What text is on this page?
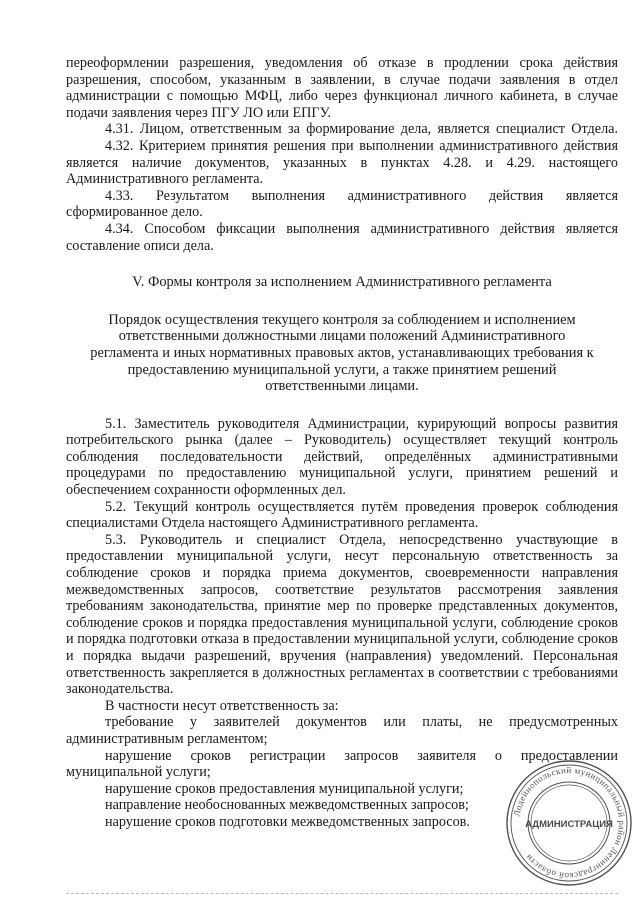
переоформлении разрешения, уведомления об отказе в продлении срока действия разрешения, способом, указанным в заявлении, в случае подачи заявления в отдел администрации с помощью МФЦ, либо через функционал личного кабинета, в случае подачи заявления через ПГУ ЛО или ЕПГУ.

4.31. Лицом, ответственным за формирование дела, является специалист Отдела.

4.32. Критерием принятия решения при выполнении административного действия является наличие документов, указанных в пунктах 4.28. и 4.29. настоящего Административного регламента.

4.33. Результатом выполнения административного действия является сформированное дело.

4.34. Способом фиксации выполнения административного действия является составление описи дела.

V. Формы контроля за исполнением Административного регламента

Порядок осуществления текущего контроля за соблюдением и исполнением ответственными должностными лицами положений Административного регламента и иных нормативных правовых актов, устанавливающих требования к предоставлению муниципальной услуги, а также принятием решений ответственными лицами.

5.1. Заместитель руководителя Администрации, курирующий вопросы развития потребительского рынка (далее – Руководитель) осуществляет текущий контроль соблюдения последовательности действий, определённых административными процедурами по предоставлению муниципальной услуги, принятием решений и обеспечением сохранности оформленных дел.

5.2. Текущий контроль осуществляется путём проведения проверок соблюдения специалистами Отдела настоящего Административного регламента.

5.3. Руководитель и специалист Отдела, непосредственно участвующие в предоставлении муниципальной услуги, несут персональную ответственность за соблюдение сроков и порядка приема документов, своевременности направления межведомственных запросов, соответствие результатов рассмотрения заявления требованиям законодательства, принятие мер по проверке представленных документов, соблюдение сроков и порядка предоставления муниципальной услуги, соблюдение сроков и порядка подготовки отказа в предоставлении муниципальной услуги, соблюдение сроков и порядка выдачи разрешений, вручения (направления) уведомлений. Персональная ответственность закрепляется в должностных регламентах в соответствии с требованиями законодательства.

В частности несут ответственность за:

требование у заявителей документов или платы, не предусмотренных административным регламентом;

нарушение сроков регистрации запросов заявителя о предоставлении муниципальной услуги;

нарушение сроков предоставления муниципальной услуги;

направление необоснованных межведомственных запросов;

нарушение сроков подготовки межведомственных запросов.

Лодейнопольский муниципальный район Ленинградской области
АДМИНИСТРАЦИЯ
